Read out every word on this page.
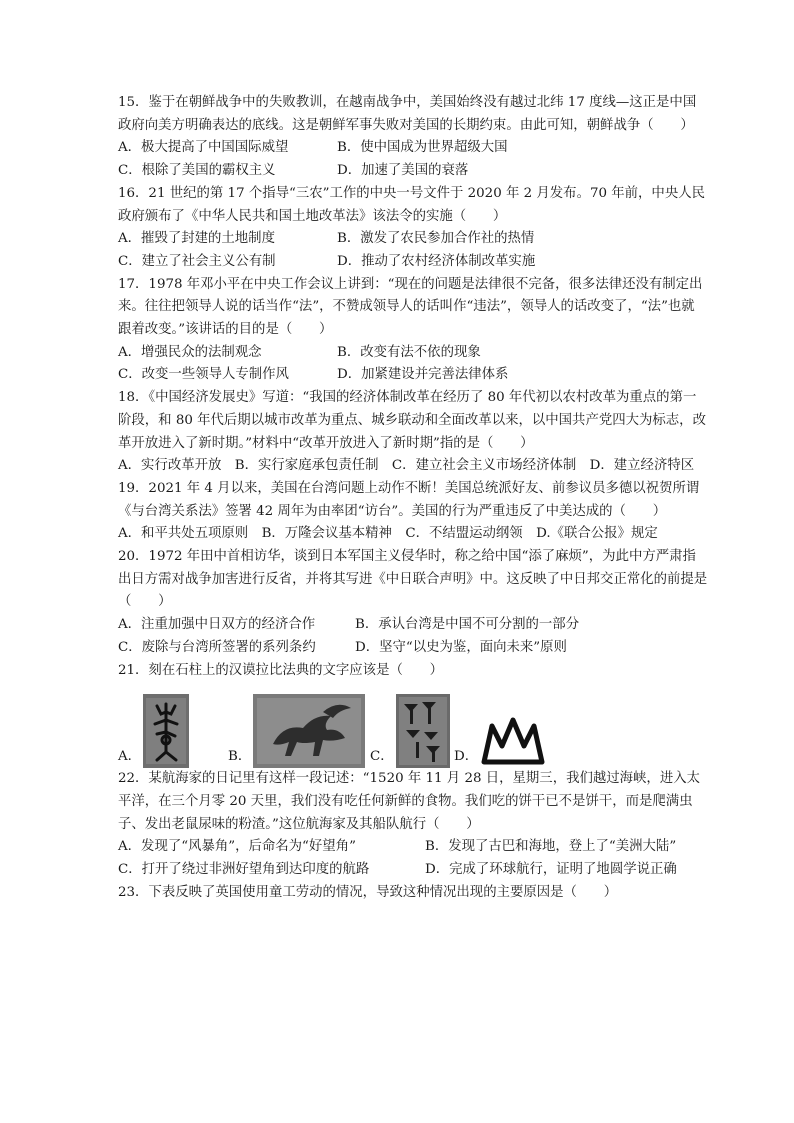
15．鉴于在朝鲜战争中的失败教训，在越南战争中，美国始终没有越过北纬 17 度线—这正是中国政府向美方明确表达的底线。这是朝鲜军事失败对美国的长期约束。由此可知，朝鲜战争（　　）

A．极大提高了中国国际威望	B．使中国成为世界超级大国
C．根除了美国的霸权主义	D．加速了美国的衰落

16．21 世纪的第 17 个指导“三农”工作的中央一号文件于 2020 年 2 月发布。70 年前，中央人民政府颁布了《中华人民共和国土地改革法》该法令的实施（　　）

A．摧毁了封建的土地制度	B．激发了农民参加合作社的热情
C．建立了社会主义公有制	D．推动了农村经济体制改革实施

17．1978 年邓小平在中央工作会议上讲到：“现在的问题是法律很不完备，很多法律还没有制定出来。往往把领导人说的话当作“法”，不赞成领导人的话叫作“违法”，领导人的话改变了，“法”也就跟着改变。”该讲话的目的是（　　）

A．增强民众的法制观念	B．改变有法不依的现象
C．改变一些领导人专制作风	D．加紧建设并完善法律体系

18．《中国经济发展史》写道：“我国的经济体制改革在经历了 80 年代初以农村改革为重点的第一阶段，和 80 年代后期以城市改革为重点、城乡联动和全面改革以来，以中国共产党四大为标志，改革开放进入了新时期。”材料中“改革开放进入了新时期”指的是（　　）

A．实行改革开放　B．实行家庭承包责任制　C．建立社会主义市场经济体制　D．建立经济特区

19．2021 年 4 月以来，美国在台湾问题上动作不断！美国总统派好友、前参议员多德以祝贺所谓《与台湾关系法》签署 42 周年为由率团“访台”。美国的行为严重违反了中美达成的（　　）

A．和平共处五项原则　B．万隆会议基本精神　C．不结盟运动纲领　D.《联合公报》规定

20．1972 年田中首相访华，谈到日本军国主义侵华时，称之给中国“添了麻烦”，为此中方严肃指出日方需对战争加害进行反省，并将其写进《中日联合声明》中。这反映了中日邦交正常化的前提是（　　）

A．注重加强中日双方的经济合作	B．承认台湾是中国不可分割的一部分
C．废除与台湾所签署的系列条约	D．坚守“以史为鉴，面向未来”原则

21．刻在石柱上的汉谟拉比法典的文字应该是（　　）

A．	B．	C．	D．

22．某航海家的日记里有这样一段记述：“1520 年 11 月 28 日，星期三，我们越过海峡，进入太平洋，在三个月零 20 天里，我们没有吃任何新鲜的食物。我们吃的饼干已不是饼干，而是爬满虫子、发出老鼠尿味的粉渣。”这位航海家及其船队航行（　　）

A．发现了“风暴角”，后命名为“好望角”	B．发现了古巴和海地，登上了“美洲大陆”
C．打开了绕过非洲好望角到达印度的航路	D．完成了环球航行，证明了地圆学说正确

23．下表反映了英国使用童工劳动的情况，导致这种情况出现的主要原因是（　　）
